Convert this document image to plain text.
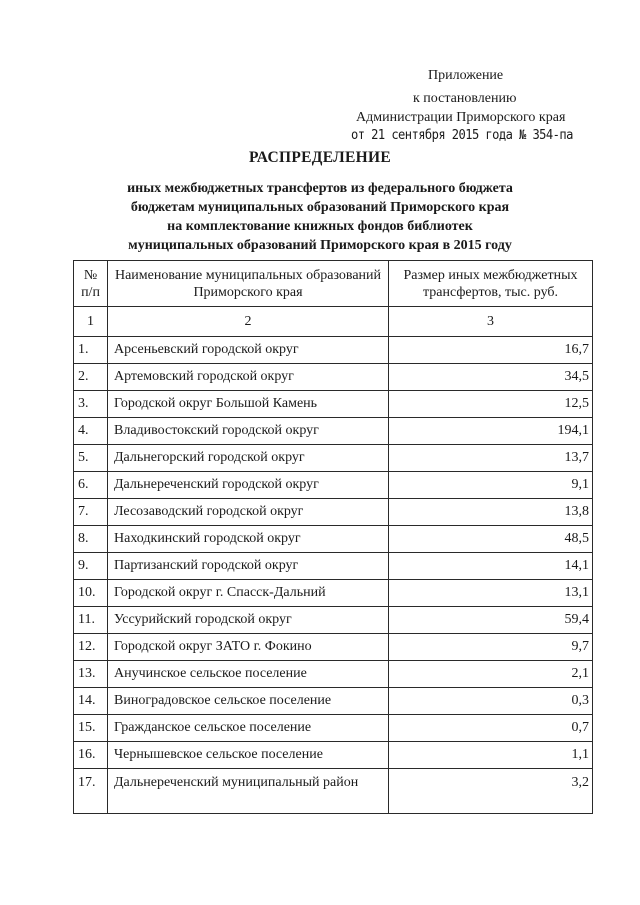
Приложение
к постановлению
Администрации Приморского края
от 21 сентября 2015 года № 354-па
РАСПРЕДЕЛЕНИЕ
иных межбюджетных трансфертов из федерального бюджета
бюджетам муниципальных образований Приморского края
на комплектование книжных фондов библиотек
муниципальных образований Приморского края в 2015 году
№ п/п	Наименование муниципальных образований Приморского края	Размер иных межбюджетных трансфертов, тыс. руб.
1	2	3
1.	Арсеньевский городской округ	16,7
2.	Артемовский городской округ	34,5
3.	Городской округ Большой Камень	12,5
4.	Владивостокский городской округ	194,1
5.	Дальнегорский городской округ	13,7
6.	Дальнереченский городской округ	9,1
7.	Лесозаводский городской округ	13,8
8.	Находкинский городской округ	48,5
9.	Партизанский городской округ	14,1
10.	Городской округ г. Спасск-Дальний	13,1
11.	Уссурийский городской округ	59,4
12.	Городской округ ЗАТО г. Фокино	9,7
13.	Анучинское сельское поселение	2,1
14.	Виноградовское сельское поселение	0,3
15.	Гражданское сельское поселение	0,7
16.	Чернышевское сельское поселение	1,1
17.	Дальнереченский муниципальный район	3,2
